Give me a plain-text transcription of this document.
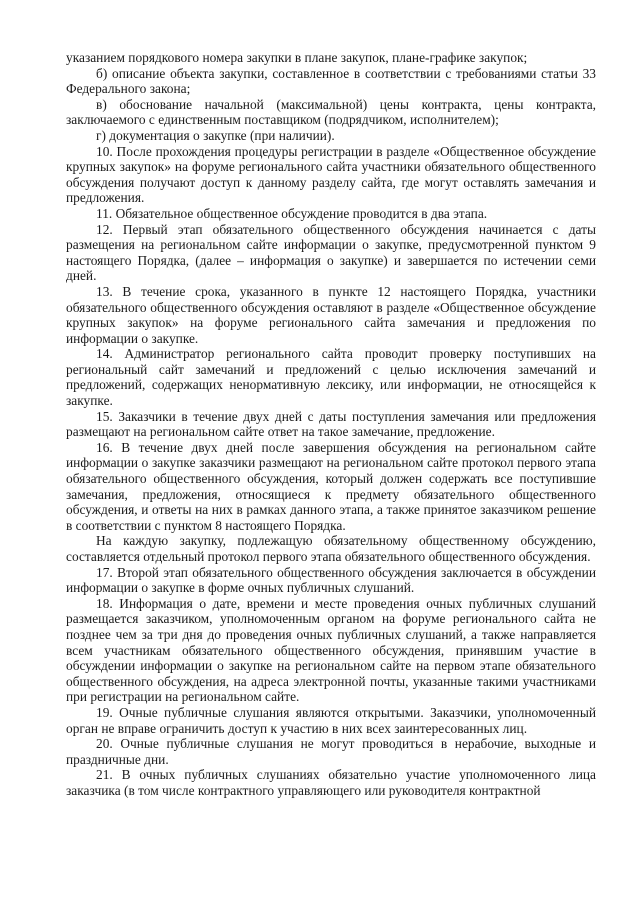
указанием порядкового номера закупки в плане закупок, плане-графике закупок;

б) описание объекта закупки, составленное в соответствии с требованиями статьи 33 Федерального закона;

в) обоснование начальной (максимальной) цены контракта, цены контракта, заключаемого с единственным поставщиком (подрядчиком, исполнителем);

г) документация о закупке (при наличии).

10. После прохождения процедуры регистрации в разделе «Общественное обсуждение крупных закупок» на форуме регионального сайта участники обязательного общественного обсуждения получают доступ к данному разделу сайта, где могут оставлять замечания и предложения.

11. Обязательное общественное обсуждение проводится в два этапа.

12. Первый этап обязательного общественного обсуждения начинается с даты размещения на региональном сайте информации о закупке, предусмотренной пунктом 9 настоящего Порядка, (далее – информация о закупке) и завершается по истечении семи дней.

13. В течение срока, указанного в пункте 12 настоящего Порядка, участники обязательного общественного обсуждения оставляют в разделе «Общественное обсуждение крупных закупок» на форуме регионального сайта замечания и предложения по информации о закупке.

14. Администратор регионального сайта проводит проверку поступивших на региональный сайт замечаний и предложений с целью исключения замечаний и предложений, содержащих ненормативную лексику, или информации, не относящейся к закупке.

15. Заказчики в течение двух дней с даты поступления замечания или предложения размещают на региональном сайте ответ на такое замечание, предложение.

16. В течение двух дней после завершения обсуждения на региональном сайте информации о закупке заказчики размещают на региональном сайте протокол первого этапа обязательного общественного обсуждения, который должен содержать все поступившие замечания, предложения, относящиеся к предмету обязательного общественного обсуждения, и ответы на них в рамках данного этапа, а также принятое заказчиком решение в соответствии с пунктом 8 настоящего Порядка.

На каждую закупку, подлежащую обязательному общественному обсуждению, составляется отдельный протокол первого этапа обязательного общественного обсуждения.

17. Второй этап обязательного общественного обсуждения заключается в обсуждении информации о закупке в форме очных публичных слушаний.

18. Информация о дате, времени и месте проведения очных публичных слушаний размещается заказчиком, уполномоченным органом на форуме регионального сайта не позднее чем за три дня до проведения очных публичных слушаний, а также направляется всем участникам обязательного общественного обсуждения, принявшим участие в обсуждении информации о закупке на региональном сайте на первом этапе обязательного общественного обсуждения, на адреса электронной почты, указанные такими участниками при регистрации на региональном сайте.

19. Очные публичные слушания являются открытыми. Заказчики, уполномоченный орган не вправе ограничить доступ к участию в них всех заинтересованных лиц.

20. Очные публичные слушания не могут проводиться в нерабочие, выходные и праздничные дни.

21. В очных публичных слушаниях обязательно участие уполномоченного лица заказчика (в том числе контрактного управляющего или руководителя контрактной
